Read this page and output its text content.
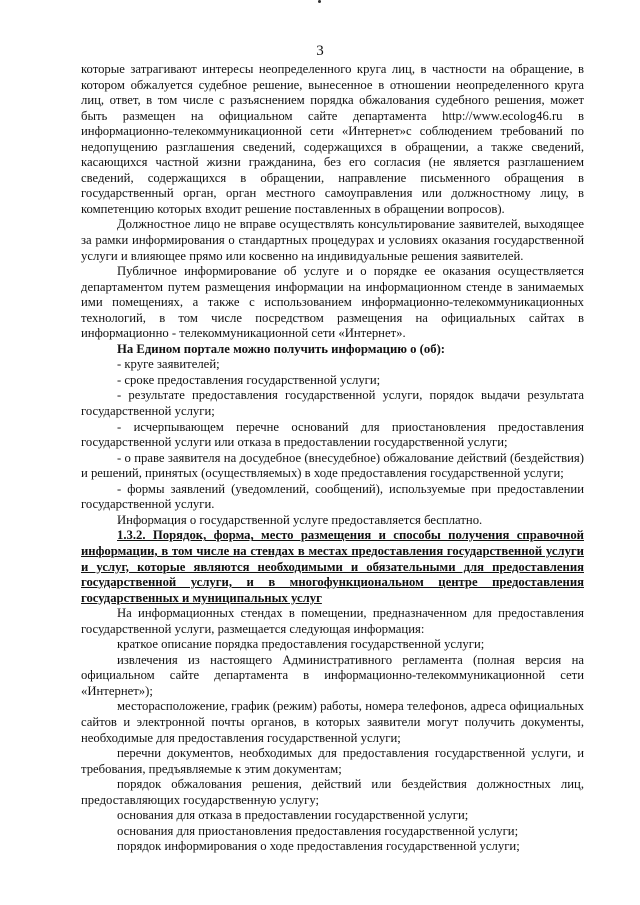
3

которые затрагивают интересы неопределенного круга лиц, в частности на обращение, в котором обжалуется судебное решение, вынесенное в отношении неопределенного круга лиц, ответ, в том числе с разъяснением порядка обжалования судебного решения, может быть размещен на официальном сайте департамента http://www.ecolog46.ru в информационно-телекоммуникационной сети «Интернет»с соблюдением требований по недопущению разглашения сведений, содержащихся в обращении, а также сведений, касающихся частной жизни гражданина, без его согласия (не является разглашением сведений, содержащихся в обращении, направление письменного обращения в государственный орган, орган местного самоуправления или должностному лицу, в компетенцию которых входит решение поставленных в обращении вопросов).

Должностное лицо не вправе осуществлять консультирование заявителей, выходящее за рамки информирования о стандартных процедурах и условиях оказания государственной услуги и влияющее прямо или косвенно на индивидуальные решения заявителей.

Публичное информирование об услуге и о порядке ее оказания осуществляется департаментом путем размещения информации на информационном стенде в занимаемых ими помещениях, а также с использованием информационно-телекоммуникационных технологий, в том числе посредством размещения на официальных сайтах в информационно - телекоммуникационной сети «Интернет».

На Едином портале можно получить информацию о (об):

- круге заявителей;

- сроке предоставления государственной услуги;

- результате предоставления государственной услуги, порядок выдачи результата государственной услуги;

- исчерпывающем перечне оснований для приостановления предоставления государственной услуги или отказа в предоставлении государственной услуги;

- о праве заявителя на досудебное (внесудебное) обжалование действий (бездействия) и решений, принятых (осуществляемых) в ходе предоставления государственной услуги;

- формы заявлений (уведомлений, сообщений), используемые при предоставлении государственной услуги.

Информация о государственной услуге предоставляется бесплатно.

1.3.2. Порядок, форма, место размещения и способы получения справочной информации, в том числе на стендах в местах предоставления государственной услуги и услуг, которые являются необходимыми и обязательными для предоставления государственной услуги, и в многофункциональном центре предоставления государственных и муниципальных услуг

На информационных стендах в помещении, предназначенном для предоставления государственной услуги, размещается следующая информация:

краткое описание порядка предоставления государственной услуги;

извлечения из настоящего Административного регламента (полная версия на официальном сайте департамента в информационно-телекоммуникационной сети «Интернет»);

месторасположение, график (режим) работы, номера телефонов, адреса официальных сайтов и электронной почты органов, в которых заявители могут получить документы, необходимые для предоставления государственной услуги;

перечни документов, необходимых для предоставления государственной услуги, и требования, предъявляемые к этим документам;

порядок обжалования решения, действий или бездействия должностных лиц, предоставляющих государственную услугу;

основания для отказа в предоставлении государственной услуги;

основания для приостановления предоставления государственной услуги;

порядок информирования о ходе предоставления государственной услуги;
